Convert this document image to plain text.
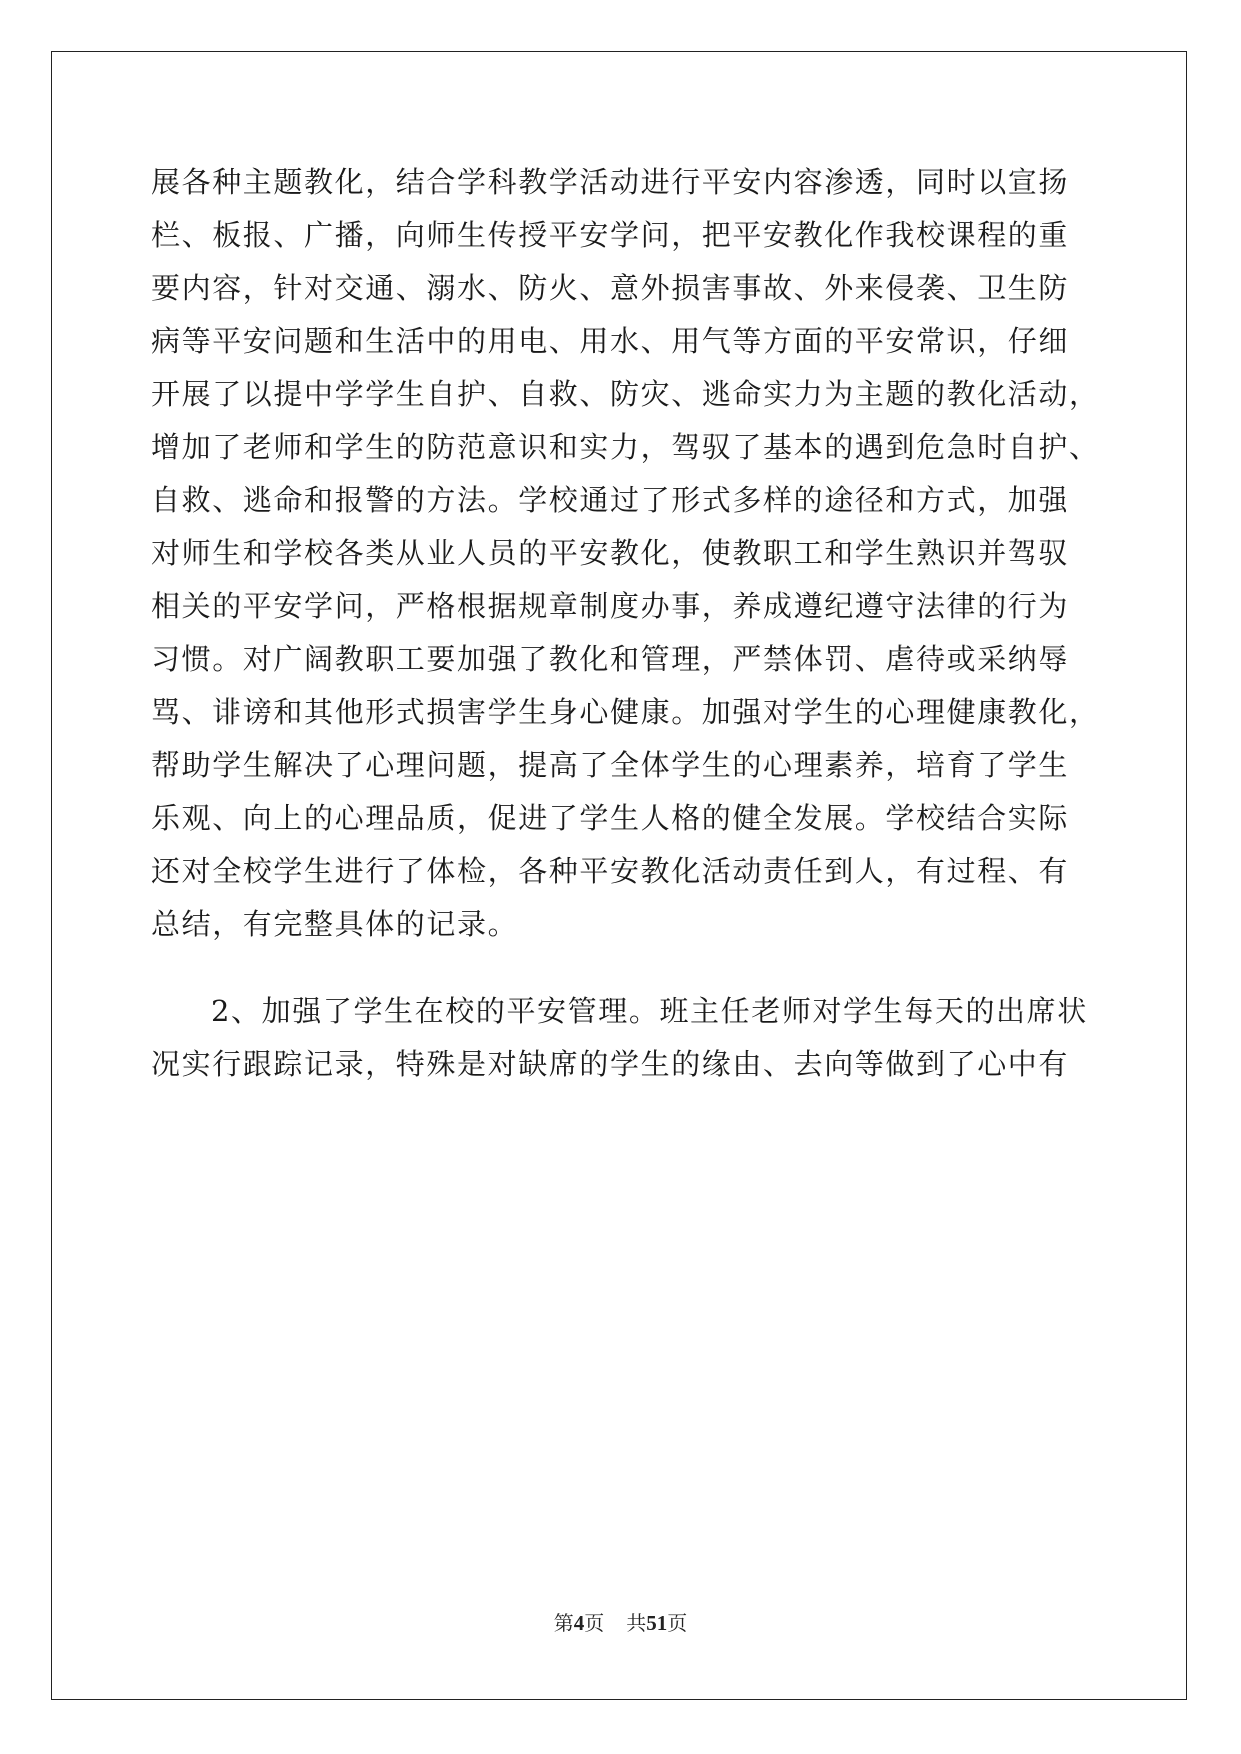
展各种主题教化，结合学科教学活动进行平安内容渗透，同时以宣扬
栏、板报、广播，向师生传授平安学问，把平安教化作我校课程的重
要内容，针对交通、溺水、防火、意外损害事故、外来侵袭、卫生防
病等平安问题和生活中的用电、用水、用气等方面的平安常识，仔细
开展了以提中学学生自护、自救、防灾、逃命实力为主题的教化活动，
增加了老师和学生的防范意识和实力，驾驭了基本的遇到危急时自护、
自救、逃命和报警的方法。学校通过了形式多样的途径和方式，加强
对师生和学校各类从业人员的平安教化，使教职工和学生熟识并驾驭
相关的平安学问，严格根据规章制度办事，养成遵纪遵守法律的行为
习惯。对广阔教职工要加强了教化和管理，严禁体罚、虐待或采纳辱
骂、诽谤和其他形式损害学生身心健康。加强对学生的心理健康教化，
帮助学生解决了心理问题，提高了全体学生的心理素养，培育了学生
乐观、向上的心理品质，促进了学生人格的健全发展。学校结合实际
还对全校学生进行了体检，各种平安教化活动责任到人，有过程、有
总结，有完整具体的记录。
2、加强了学生在校的平安管理。班主任老师对学生每天的出席状
况实行跟踪记录，特殊是对缺席的学生的缘由、去向等做到了心中有
第4页 共51页
